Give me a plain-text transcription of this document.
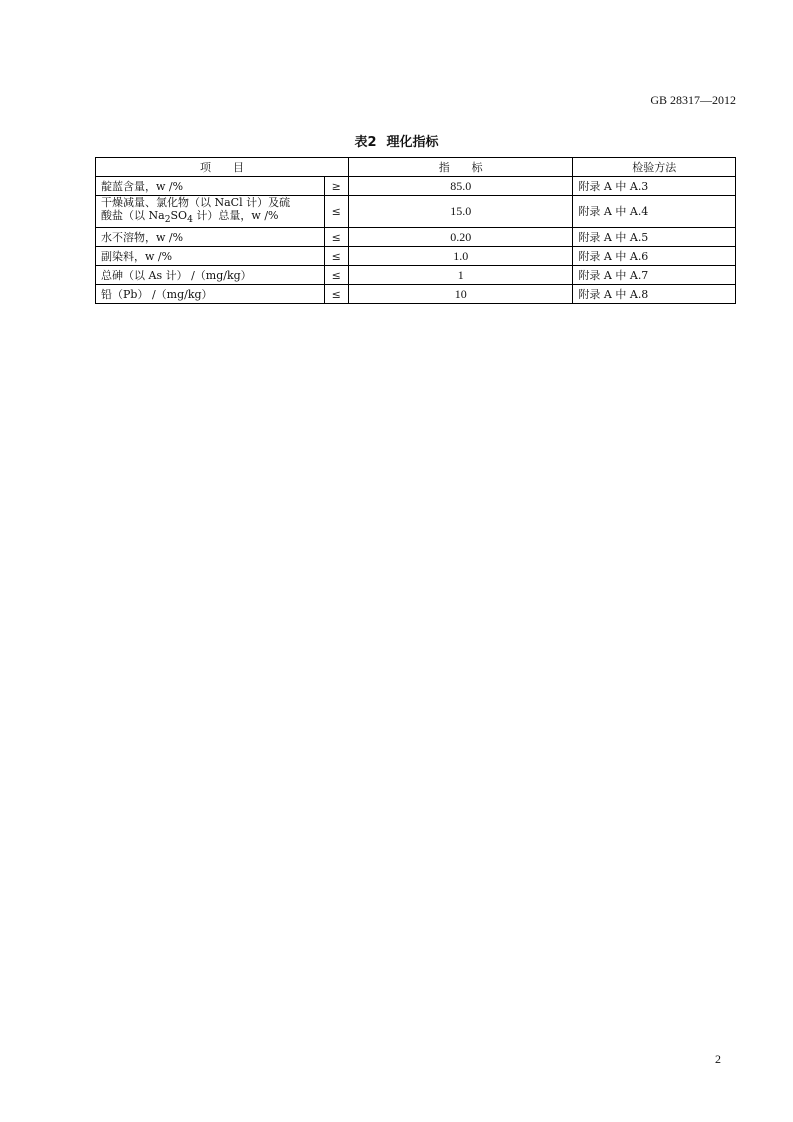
GB 28317—2012
表2 理化指标
项　　目		指　　标	检验方法
靛蓝含量，w /%	≥	85.0	附录 A 中 A.3

干燥减量、氯化物（以 NaCl 计）及硫
酸盐（以 $Na_2SO_4$ 计）总量，w /%	≤	15.0	附录 A 中 A.4
水不溶物，w /%	≤	0.20	附录 A 中 A.5
副染料，w /%	≤	1.0	附录 A 中 A.6
总砷（以 As 计） /（mg/kg）	≤	1	附录 A 中 A.7
铅（Pb） /（mg/kg）	≤	10	附录 A 中 A.8
2
